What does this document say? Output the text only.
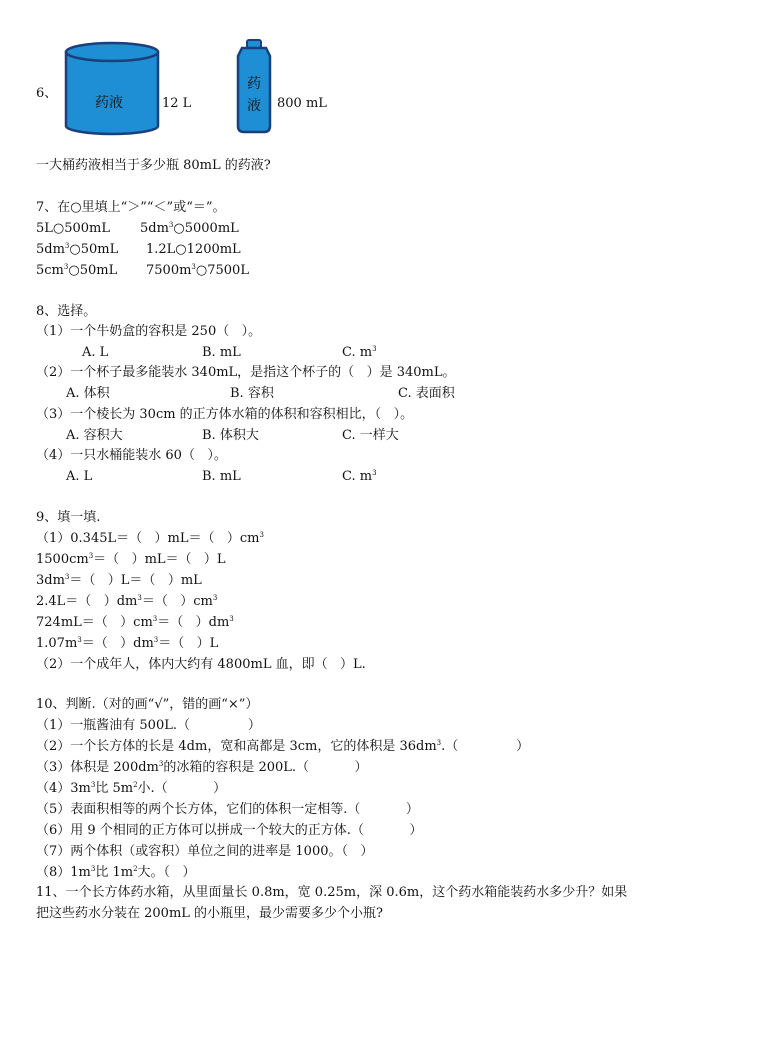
6、
药液	12 L
药
液 800 mL
一大桶药液相当于多少瓶 80mL 的药液?
7、在○里填上“＞”“＜”或“＝”。
5L○500mL $5dm^3○5000mL$
$5dm^3○50mL$ 1.2L○1200mL
$5cm^3○50mL$ $7500m^3○7500L$
8、选择。
（1）一个牛奶盒的容积是 250（   ）。
A. L	B. mL	C. $m^3$
（2）一个杯子最多能装水 340mL，是指这个杯子的（   ）是 340mL。
A. 体积	B. 容积	C. 表面积
（3）一个棱长为 30cm 的正方体水箱的体积和容积相比，（   ）。
A. 容积大	B. 体积大	C. 一样大
（4）一只水桶能装水 60（   ）。
A. L	B. mL	C. $m^3$
9、填一填.
（1）0.345L＝（   ）mL＝（   ）$cm^3$
$1500cm^3=$（   ）mL＝（   ）L
$3dm^3=$（   ）L＝（   ）mL
2.4L＝（   ）$dm^3=$（   ）$cm^3$
724mL＝（   ）$cm^3=$（   ）$dm^3$
$1.07m^3=$（   ）$dm^3=$（   ）L
（2）一个成年人，体内大约有 4800mL 血，即（   ）L.
10、判断.（对的画“√”，错的画“×”）
（1）一瓶酱油有 500L.（              ）
（2）一个长方体的长是 4dm，宽和高都是 3cm，它的体积是 $36dm^3$.（              ）
（3）体积是 $200dm^3$的冰箱的容积是 200L.（           ）
$(4)3m^3$比 $5m^2$小.（           ）
（5）表面积相等的两个长方体，它们的体积一定相等.（           ）
（6）用 9 个相同的正方体可以拼成一个较大的正方体.（           ）
（7）两个体积（或容积）单位之间的进率是 1000。（   ）
$(8)1m^3$比 $1m^2$大。（   ）
11、一个长方体药水箱，从里面量长 0.8m，宽 0.25m，深 0.6m，这个药水箱能装药水多少升？如果
把这些药水分装在 200mL 的小瓶里，最少需要多少个小瓶?
